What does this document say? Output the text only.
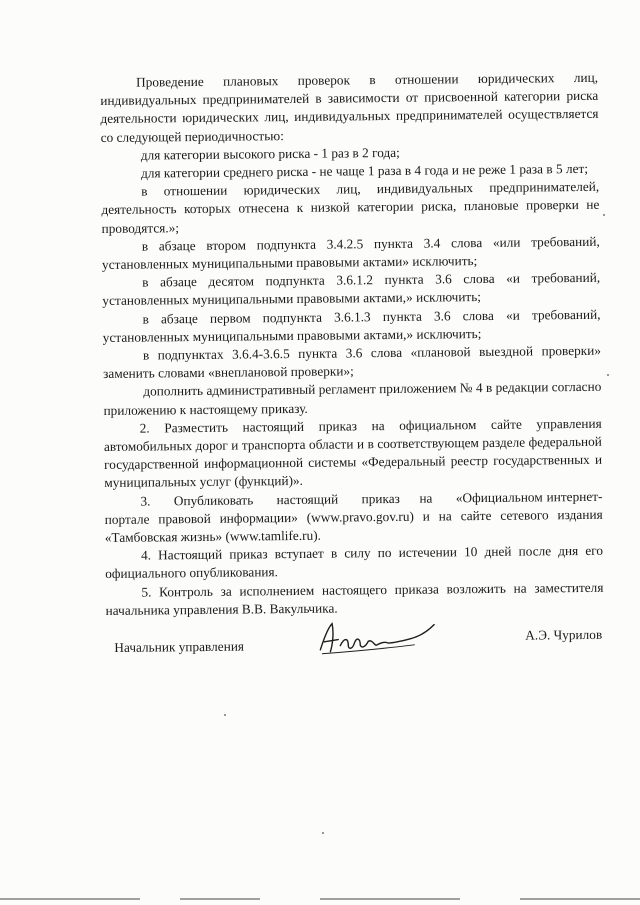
Проведение плановых проверок в отношении юридических лиц, индивидуальных предпринимателей в зависимости от присвоенной категории риска деятельности юридических лиц, индивидуальных предпринимателей осуществляется со следующей периодичностью:

для категории высокого риска - 1 раз в 2 года;

для категории среднего риска - не чаще 1 раза в 4 года и не реже 1 раза в 5 лет;

в отношении юридических лиц, индивидуальных предпринимателей, деятельность которых отнесена к низкой категории риска, плановые проверки не проводятся.»;

в абзаце втором подпункта 3.4.2.5 пункта 3.4 слова «или требований, установленных муниципальными правовыми актами» исключить;

в абзаце десятом подпункта 3.6.1.2 пункта 3.6 слова «и требований, установленных муниципальными правовыми актами,» исключить;

в абзаце первом подпункта 3.6.1.3 пункта 3.6 слова «и требований, установленных муниципальными правовыми актами,» исключить;

в подпунктах 3.6.4-3.6.5 пункта 3.6 слова «плановой выездной проверки» заменить словами «внеплановой проверки»;

дополнить административный регламент приложением № 4 в редакции согласно приложению к настоящему приказу.

2. Разместить настоящий приказ на официальном сайте управления автомобильных дорог и транспорта области и в соответствующем разделе федеральной государственной информационной системы «Федеральный реестр государственных и муниципальных услуг (функций)».

3.      Опубликовать      настоящий      приказ     на      «Официальном интернет-портале правовой информации» (www.pravo.gov.ru) и на сайте сетевого издания «Тамбовская жизнь» (www.tamlife.ru).

4. Настоящий приказ вступает в силу по истечении 10 дней после дня его официального опубликования.

5. Контроль за исполнением настоящего приказа возложить на заместителя начальника управления В.В. Вакульчика.

Начальник управления
А.Э. Чурилов
